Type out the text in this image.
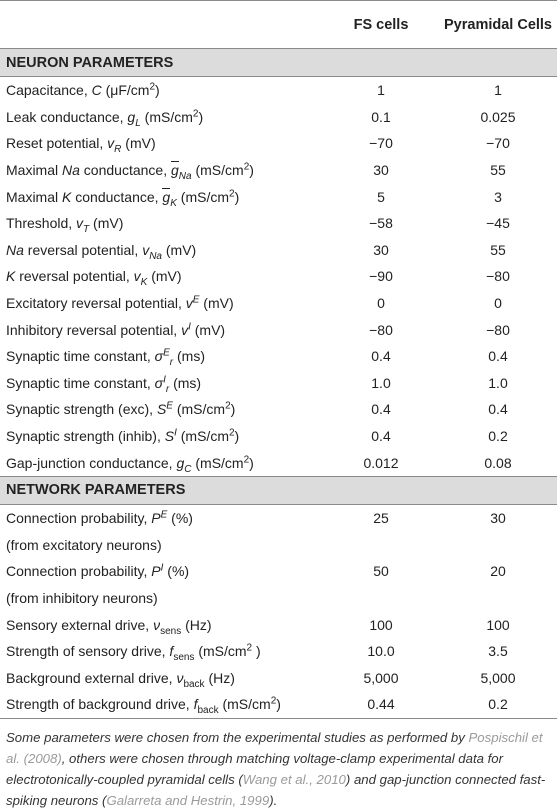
	FS cells	Pyramidal Cells
NEURON PARAMETERS		
Capacitance, C $(\mu F/cm^2)$	1	1
Leak conductance, $g_L$ $(mS/cm^2)$	0.1	0.025
Reset potential, $v_R$ (mV)	−70	−70
Maximal Na conductance, $g_{Na}$ $(mS/cm^2)$	30	55
Maximal K conductance, $g_K$ $(mS/cm^2)$	5	3
Threshold, $v_T$ (mV)	−58	−45
Na reversal potential, $v_{Na}$ (mV)	30	55
K reversal potential, $v_K$ (mV)	−90	−80
Excitatory reversal potential, $v^E$ (mV)	0	0
Inhibitory reversal potential, $v^I$ (mV)	−80	−80
Synaptic time constant, $\sigma^E_r$ (ms)	0.4	0.4
Synaptic time constant, $\sigma^I_r$ (ms)	1.0	1.0
Synaptic strength (exc), $S^E$ $(mS/cm^2)$	0.4	0.4
Synaptic strength (inhib), $S^I$ $(mS/cm^2)$	0.4	0.2
Gap-junction conductance, $g_C$ $(mS/cm^2)$	0.012	0.08
NETWORK PARAMETERS		
Connection probability, $P^E$ (%)	25	30
(from excitatory neurons)		
Connection probability, $P^I$ (%)	50	20
(from inhibitory neurons)		
Sensory external drive, $\nu_{sens}$ (Hz)	100	100
Strength of sensory drive, $f_{sens}$ ($mS/cm^2$ )	10.0	3.5
Background external drive, $\nu_{back}$ (Hz)	5,000	5,000
Strength of background drive, $f_{back}$ $(mS/cm^2)$	0.44	0.2
Some parameters were chosen from the experimental studies as performed by Pospischil et al. (2008), others were chosen through matching voltage-clamp experimental data for electrotonically-coupled pyramidal cells (Wang et al., 2010) and gap-junction connected fast-spiking neurons (Galarreta and Hestrin, 1999).
